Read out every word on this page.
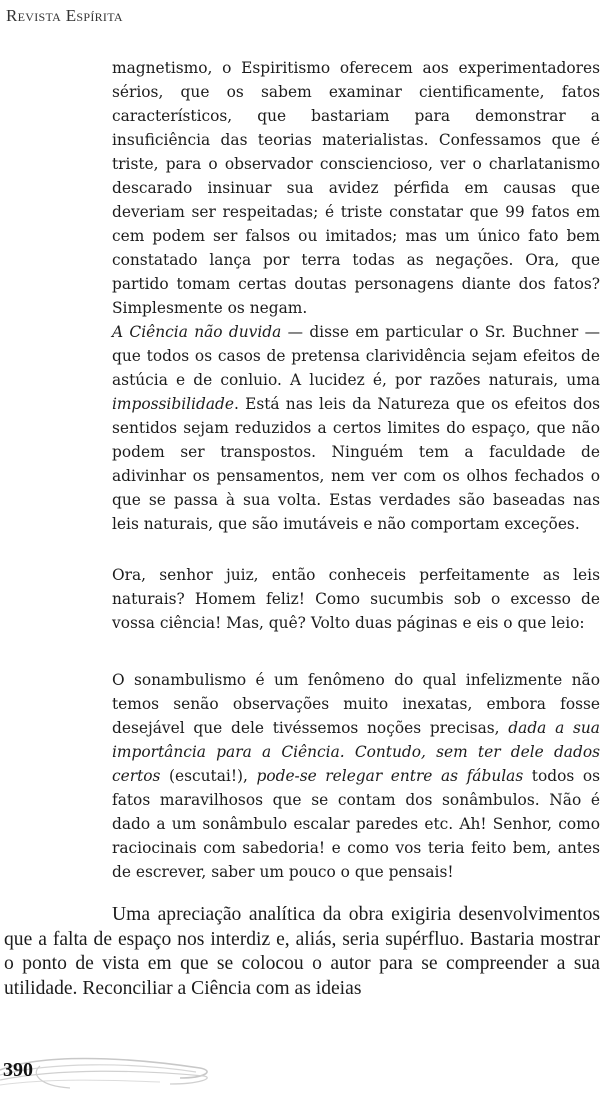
Revista Espírita

magnetismo, o Espiritismo oferecem aos experimentadores sérios, que os sabem examinar cientificamente, fatos característicos, que bastariam para demonstrar a insuficiência das teorias materialistas. Confessamos que é triste, para o observador consciencioso, ver o charlatanismo descarado insinuar sua avidez pérfida em causas que deveriam ser respeitadas; é triste constatar que 99 fatos em cem podem ser falsos ou imitados; mas um único fato bem constatado lança por terra todas as negações. Ora, que partido tomam certas doutas personagens diante dos fatos? Simplesmente os negam.

A Ciência não duvida — disse em particular o Sr. Buchner — que todos os casos de pretensa clarividência sejam efeitos de astúcia e de conluio. A lucidez é, por razões naturais, uma impossibilidade. Está nas leis da Natureza que os efeitos dos sentidos sejam reduzidos a certos limites do espaço, que não podem ser transpostos. Ninguém tem a faculdade de adivinhar os pensamentos, nem ver com os olhos fechados o que se passa à sua volta. Estas verdades são baseadas nas leis naturais, que são imutáveis e não comportam exceções.

Ora, senhor juiz, então conheceis perfeitamente as leis naturais? Homem feliz! Como sucumbis sob o excesso de vossa ciência! Mas, quê? Volto duas páginas e eis o que leio:

O sonambulismo é um fenômeno do qual infelizmente não temos senão observações muito inexatas, embora fosse desejável que dele tivéssemos noções precisas, dada a sua importância para a Ciência. Contudo, sem ter dele dados certos (escutai!), pode-se relegar entre as fábulas todos os fatos maravilhosos que se contam dos sonâmbulos. Não é dado a um sonâmbulo escalar paredes etc. Ah! Senhor, como raciocinais com sabedoria! e como vos teria feito bem, antes de escrever, saber um pouco o que pensais!

Uma apreciação analítica da obra exigiria desenvolvimentos que a falta de espaço nos interdiz e, aliás, seria supérfluo. Bastaria mostrar o ponto de vista em que se colocou o autor para se compreender a sua utilidade. Reconciliar a Ciência com as ideias

390
